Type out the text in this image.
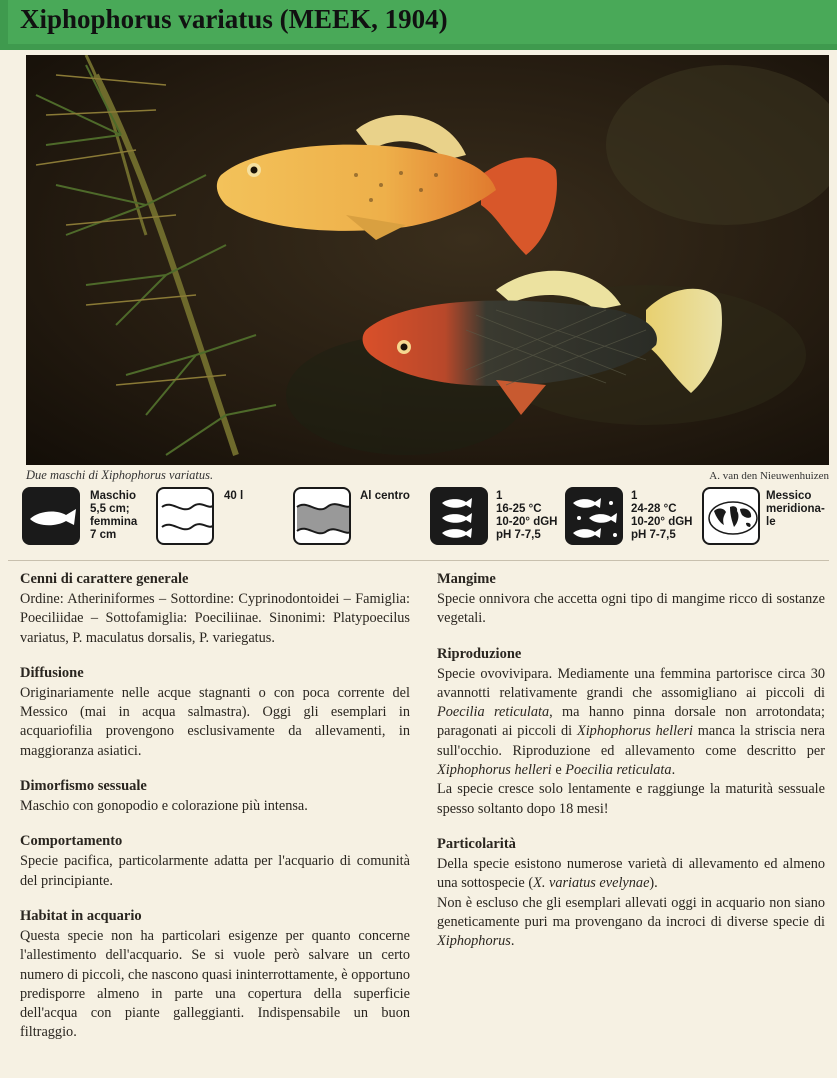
Xiphophorus variatus (MEEK, 1904)
Due maschi di Xiphophorus variatus.	A. van den Nieuwenhuizen
Maschio
5,5 cm;
femmina
7 cm
40 l	Al centro	1
16-25 °C
10-20° dGH
pH 7-7,5
1
24-28 °C
10-20° dGH
pH 7-7,5
Messico
meridiona-
le
Cenni di carattere generale

Ordine: Atheriniformes – Sottordine: Cyprinodontoidei – Famiglia: Poeciliidae – Sottofamiglia: Poeciliinae. Sinonimi: Platypoecilus variatus, P. maculatus dorsalis, P. variegatus.

Diffusione

Originariamente nelle acque stagnanti o con poca corrente del Messico (mai in acqua salmastra). Oggi gli esemplari in acquariofilia provengono esclusivamente da allevamenti, in maggioranza asiatici.

Dimorfismo sessuale

Maschio con gonopodio e colorazione più intensa.

Comportamento

Specie pacifica, particolarmente adatta per l'acquario di comunità del principiante.

Habitat in acquario

Questa specie non ha particolari esigenze per quanto concerne l'allestimento dell'acquario. Se si vuole però salvare un certo numero di piccoli, che nascono quasi ininterrottamente, è opportuno predisporre almeno in parte una copertura della superficie dell'acqua con piante galleggianti. Indispensabile un buon filtraggio.

Mangime

Specie onnivora che accetta ogni tipo di mangime ricco di sostanze vegetali.

Riproduzione

Specie ovovivipara. Mediamente una femmina partorisce circa 30 avannotti relativamente grandi che assomigliano ai piccoli di Poecilia reticulata, ma hanno pinna dorsale non arrotondata; paragonati ai piccoli di Xiphophorus helleri manca la striscia nera sull'occhio. Riproduzione ed allevamento come descritto per Xiphophorus helleri e Poecilia reticulata.

La specie cresce solo lentamente e raggiunge la maturità sessuale spesso soltanto dopo 18 mesi!

Particolarità

Della specie esistono numerose varietà di allevamento ed almeno una sottospecie (X. variatus evelynae).

Non è escluso che gli esemplari allevati oggi in acquario non siano geneticamente puri ma provengano da incroci di diverse specie di Xiphophorus.
